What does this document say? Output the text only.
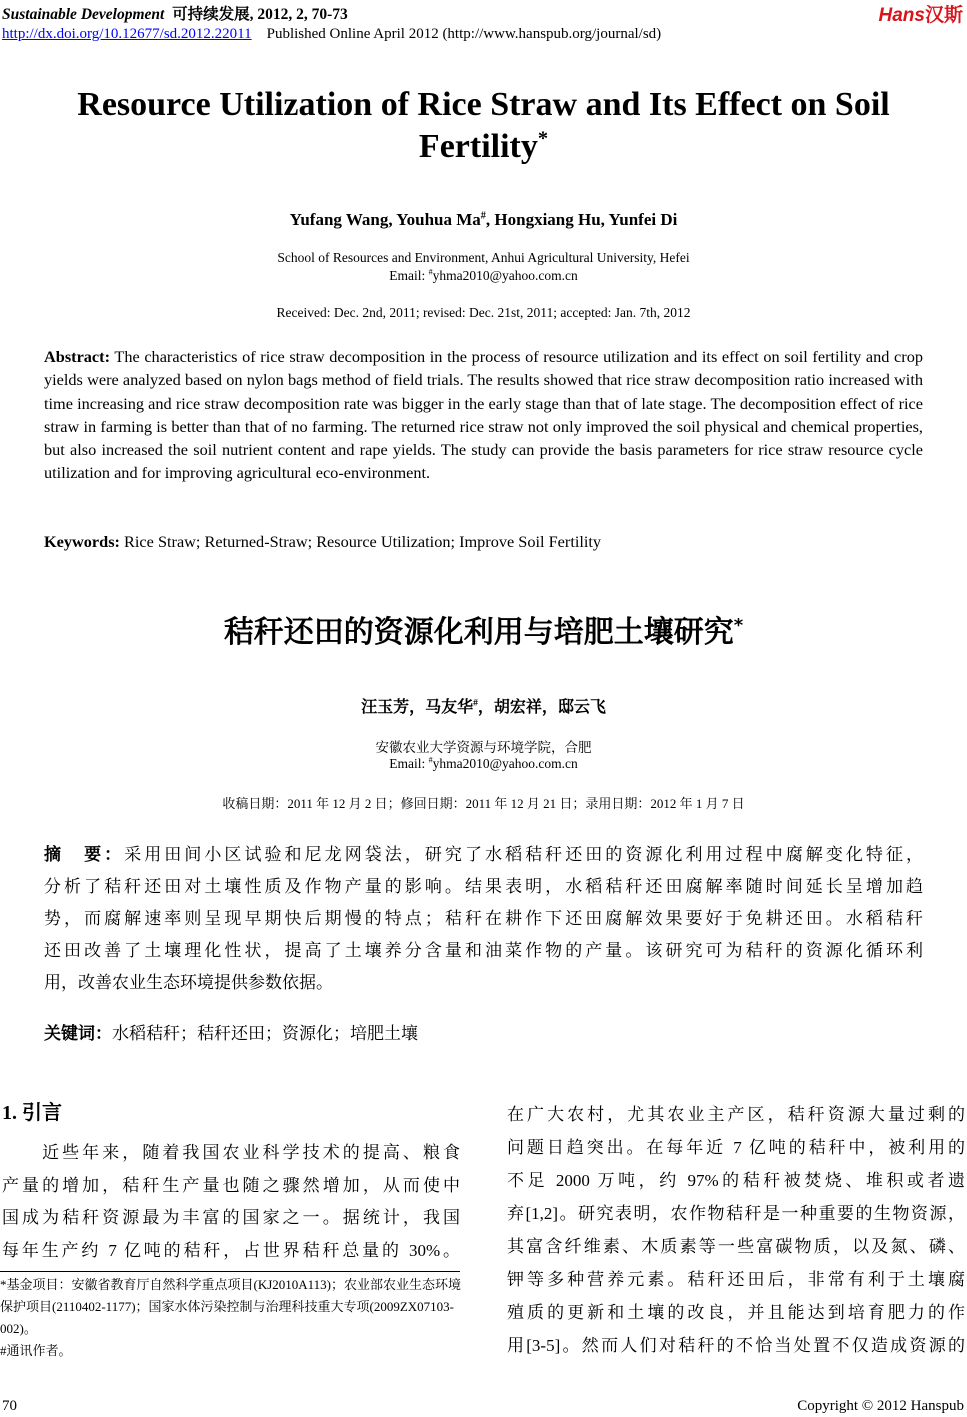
Sustainable Development 可持续发展, 2012, 2, 70-73
http://dx.doi.org/10.12677/sd.2012.22011 Published Online April 2012 (http://www.hanspub.org/journal/sd)
Hans汉斯
Resource Utilization of Rice Straw and Its Effect on Soil
Fertility*
Yufang Wang, Youhua Ma#, Hongxiang Hu, Yunfei Di
School of Resources and Environment, Anhui Agricultural University, Hefei
Email: #yhma2010@yahoo.com.cn
Received: Dec. 2nd, 2011; revised: Dec. 21st, 2011; accepted: Jan. 7th, 2012
Abstract: The characteristics of rice straw decomposition in the process of resource utilization and its effect on soil fertility and crop yields were analyzed based on nylon bags method of field trials. The results showed that rice straw decomposition ratio increased with time increasing and rice straw decomposition rate was bigger in the early stage than that of late stage. The decomposition effect of rice straw in farming is better than that of no farming. The returned rice straw not only improved the soil physical and chemical properties, but also increased the soil nutrient content and rape yields. The study can provide the basis parameters for rice straw resource cycle utilization and for improving agricultural eco-environment.
Keywords: Rice Straw; Returned-Straw; Resource Utilization; Improve Soil Fertility
秸秆还田的资源化利用与培肥土壤研究*
汪玉芳，马友华#，胡宏祥，邸云飞
安徽农业大学资源与环境学院，合肥
Email: #yhma2010@yahoo.com.cn
收稿日期：2011 年 12 月 2 日；修回日期：2011 年 12 月 21 日；录用日期：2012 年 1 月 7 日
摘　要：采用田间小区试验和尼龙网袋法，研究了水稻秸秆还田的资源化利用过程中腐解变化特征，
分析了秸秆还田对土壤性质及作物产量的影响。结果表明，水稻秸秆还田腐解率随时间延长呈增加趋
势，而腐解速率则呈现早期快后期慢的特点；秸秆在耕作下还田腐解效果要好于免耕还田。水稻秸秆
还田改善了土壤理化性状，提高了土壤养分含量和油菜作物的产量。该研究可为秸秆的资源化循环利
用，改善农业生态环境提供参数依据。
关键词：水稻秸秆；秸秆还田；资源化；培肥土壤
1. 引言
　　近些年来，随着我国农业科学技术的提高、粮食
产量的增加，秸秆生产量也随之骤然增加，从而使中
国成为秸秆资源最为丰富的国家之一。据统计，我国
每年生产约 7 亿吨的秸秆，占世界秸秆总量的 30%。
*基金项目：安徽省教育厅自然科学重点项目(KJ2010A113)；农业部农业生态环境保护项目(2110402-1177)；国家水体污染控制与治理科技重大专项(2009ZX07103-002)。
#通讯作者。
在广大农村，尤其农业主产区，秸秆资源大量过剩的
问题日趋突出。在每年近 7 亿吨的秸秆中，被利用的
不足 2000 万吨，约 97%的秸秆被焚烧、堆积或者遗
弃[1,2]。研究表明，农作物秸秆是一种重要的生物资源，
其富含纤维素、木质素等一些富碳物质，以及氮、磷、
钾等多种营养元素。秸秆还田后，非常有利于土壤腐
殖质的更新和土壤的改良，并且能达到培育肥力的作
用[3-5]。然而人们对秸秆的不恰当处置不仅造成资源的
70	Copyright © 2012 Hanspub
